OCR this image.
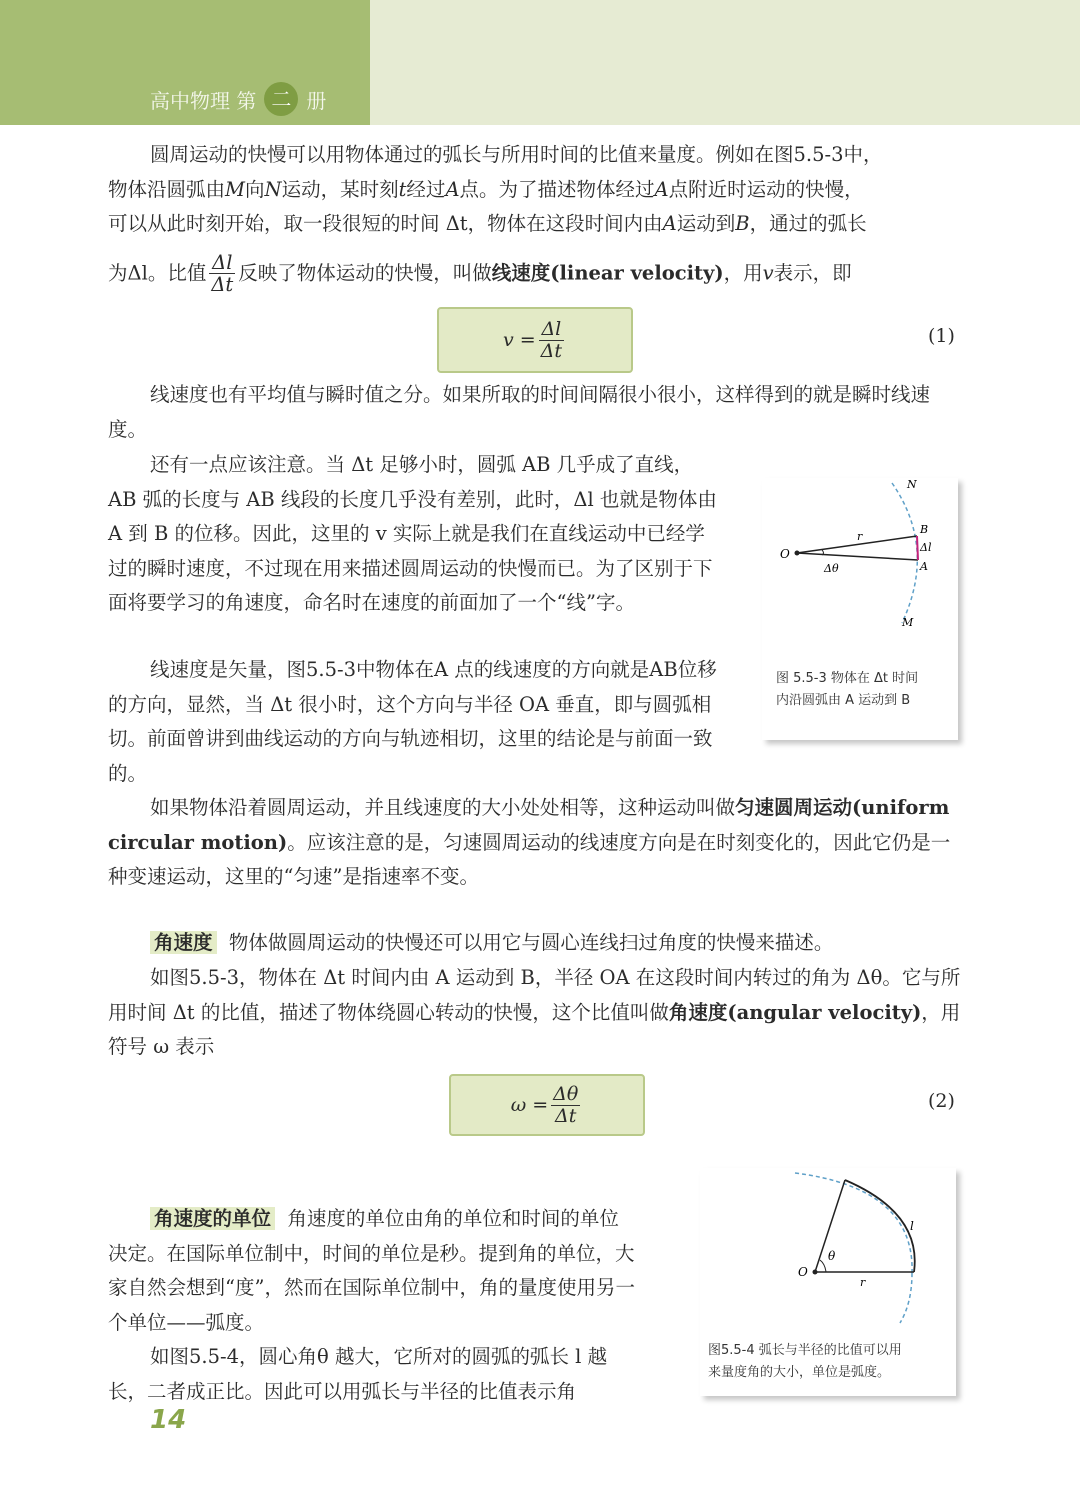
高中物理 第 二 册
圆周运动的快慢可以用物体通过的弧长与所用时间的比值来量度。例如在图5.5-3中，
物体沿圆弧由M向N运动，某时刻t经过A点。为了描述物体经过A点附近时运动的快慢，
可以从此时刻开始，取一段很短的时间 Δt，物体在这段时间内由A运动到B，通过的弧长
为Δl。比值 $\frac{\Delta l}{\Delta t}$ 反映了物体运动的快慢，叫做线速度(linear velocity)，用v表示，即
$v = \frac{\Delta l}{\Delta t}$	(1)
线速度也有平均值与瞬时值之分。如果所取的时间间隔很小很小，这样得到的就是瞬时线速度。
还有一点应该注意。当 Δt 足够小时，圆弧 AB 几乎成了直线，AB 弧的长度与 AB 线段的长度几乎没有差别，此时，Δl 也就是物体由 A 到 B 的位移。因此，这里的 v 实际上就是我们在直线运动中已经学过的瞬时速度，不过现在用来描述圆周运动的快慢而已。为了区别于下面将要学习的角速度，命名时在速度的前面加了一个“线”字。
线速度是矢量，图5.5-3中物体在A 点的线速度的方向就是AB位移的方向，显然，当 Δt 很小时，这个方向与半径 OA 垂直，即与圆弧相切。前面曾讲到曲线运动的方向与轨迹相切，这里的结论是与前面一致的。
如果物体沿着圆周运动，并且线速度的大小处处相等，这种运动叫做匀速圆周运动(uniform circular motion)。应该注意的是，匀速圆周运动的线速度方向是在时刻变化的，因此它仍是一种变速运动，这里的“匀速”是指速率不变。
N
B
Δl
r
O
Δθ	A
M
图 5.5-3 物体在 Δt 时间
内沿圆弧由 A 运动到 B
角速度 物体做圆周运动的快慢还可以用它与圆心连线扫过角度的快慢来描述。
如图5.5-3，物体在 Δt 时间内由 A 运动到 B，半径 OA 在这段时间内转过的角为 Δθ。它与所用时间 Δt 的比值，描述了物体绕圆心转动的快慢，这个比值叫做角速度(angular velocity)，用符号 ω 表示
$\omega = \frac{\Delta\theta}{\Delta t}$	(2)
角速度的单位 角速度的单位由角的单位和时间的单位决定。在国际单位制中，时间的单位是秒。提到角的单位，大家自然会想到“度”，然而在国际单位制中，角的量度使用另一个单位——弧度。
如图5.5-4，圆心角θ 越大，它所对的圆弧的弧长 l 越长，二者成正比。因此可以用弧长与半径的比值表示角
l
O
θ
r
图5.5-4 弧长与半径的比值可以用
来量度角的大小，单位是弧度。
14
